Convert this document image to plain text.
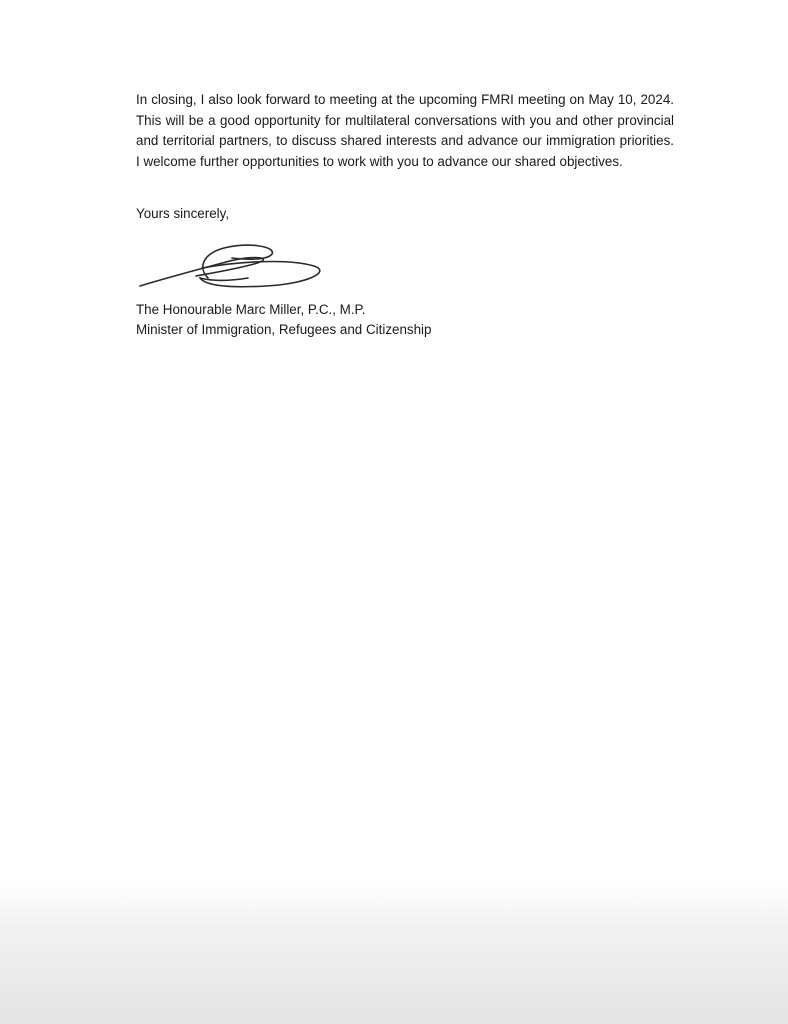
In closing, I also look forward to meeting at the upcoming FMRI meeting on May 10, 2024. This will be a good opportunity for multilateral conversations with you and other provincial and territorial partners, to discuss shared interests and advance our immigration priorities. I welcome further opportunities to work with you to advance our shared objectives.

Yours sincerely,

The Honourable Marc Miller, P.C., M.P.
Minister of Immigration, Refugees and Citizenship
